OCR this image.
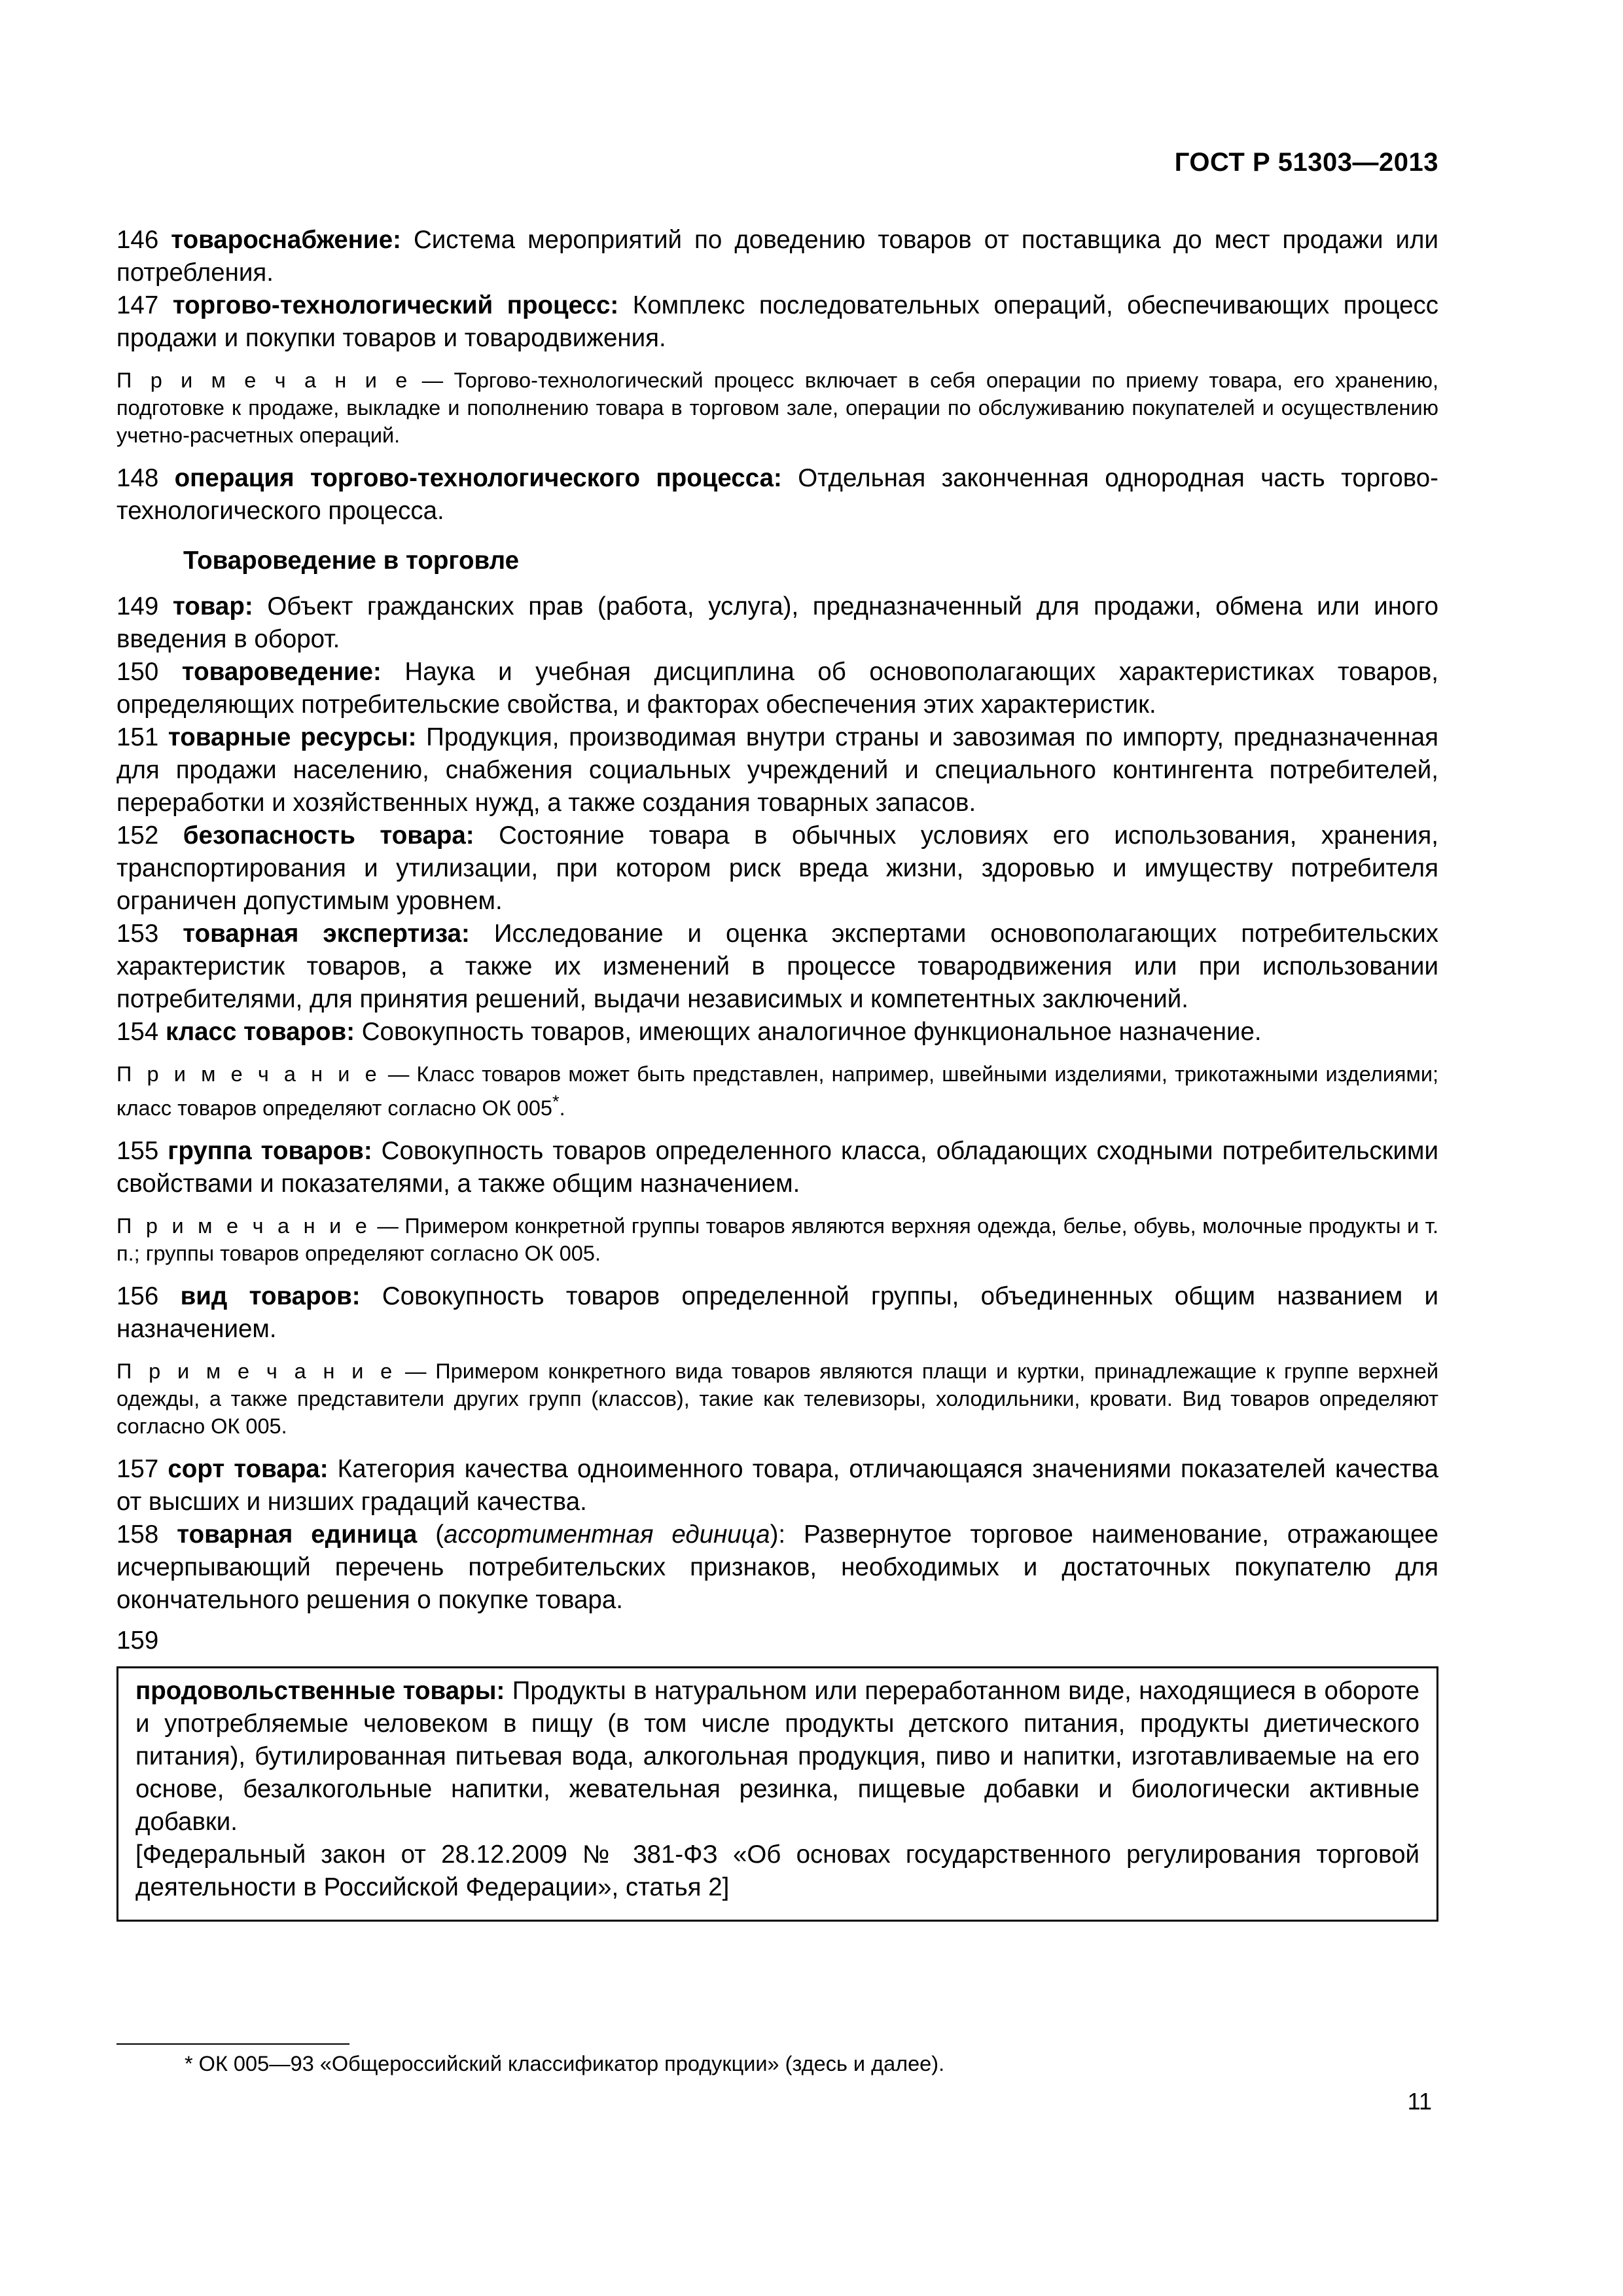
ГОСТ Р 51303—2013

146 товароснабжение: Система мероприятий по доведению товаров от поставщика до мест продажи или потребления.

147 торгово-технологический процесс: Комплекс последовательных операций, обеспечивающих процесс продажи и покупки товаров и товародвижения.

П р и м е ч а н и е — Торгово-технологический процесс включает в себя операции по приему товара, его хранению, подготовке к продаже, выкладке и пополнению товара в торговом зале, операции по обслуживанию покупателей и осуществлению учетно-расчетных операций.

148 операция торгово-технологического процесса: Отдельная законченная однородная часть торгово-технологического процесса.

Товароведение в торговле

149 товар: Объект гражданских прав (работа, услуга), предназначенный для продажи, обмена или иного введения в оборот.

150 товароведение: Наука и учебная дисциплина об основополагающих характеристиках товаров, определяющих потребительские свойства, и факторах обеспечения этих характеристик.

151 товарные ресурсы: Продукция, производимая внутри страны и завозимая по импорту, предназначенная для продажи населению, снабжения социальных учреждений и специального контингента потребителей, переработки и хозяйственных нужд, а также создания товарных запасов.

152 безопасность товара: Состояние товара в обычных условиях его использования, хранения, транспортирования и утилизации, при котором риск вреда жизни, здоровью и имуществу потребителя ограничен допустимым уровнем.

153 товарная экспертиза: Исследование и оценка экспертами основополагающих потребительских характеристик товаров, а также их изменений в процессе товародвижения или при использовании потребителями, для принятия решений, выдачи независимых и компетентных заключений.

154 класс товаров: Совокупность товаров, имеющих аналогичное функциональное назначение.

П р и м е ч а н и е — Класс товаров может быть представлен, например, швейными изделиями, трикотажными изделиями; класс товаров определяют согласно ОК 005*.

155 группа товаров: Совокупность товаров определенного класса, обладающих сходными потребительскими свойствами и показателями, а также общим назначением.

П р и м е ч а н и е — Примером конкретной группы товаров являются верхняя одежда, белье, обувь, молочные продукты и т. п.; группы товаров определяют согласно ОК 005.

156 вид товаров: Совокупность товаров определенной группы, объединенных общим названием и назначением.

П р и м е ч а н и е — Примером конкретного вида товаров являются плащи и куртки, принадлежащие к группе верхней одежды, а также представители других групп (классов), такие как телевизоры, холодильники, кровати. Вид товаров определяют согласно ОК 005.

157 сорт товара: Категория качества одноименного товара, отличающаяся значениями показателей качества от высших и низших градаций качества.

158 товарная единица (ассортиментная единица): Развернутое торговое наименование, отражающее исчерпывающий перечень потребительских признаков, необходимых и достаточных покупателю для окончательного решения о покупке товара.

159
продовольственные товары: Продукты в натуральном или переработанном виде, находящиеся в обороте и употребляемые человеком в пищу (в том числе продукты детского питания, продукты диетического питания), бутилированная питьевая вода, алкогольная продукция, пиво и напитки, изготавливаемые на его основе, безалкогольные напитки, жевательная резинка, пищевые добавки и биологически активные добавки.
[Федеральный закон от 28.12.2009 № 381-ФЗ «Об основах государственного регулирования торговой деятельности в Российской Федерации», статья 2]
* ОК 005—93 «Общероссийский классификатор продукции» (здесь и далее).
11
